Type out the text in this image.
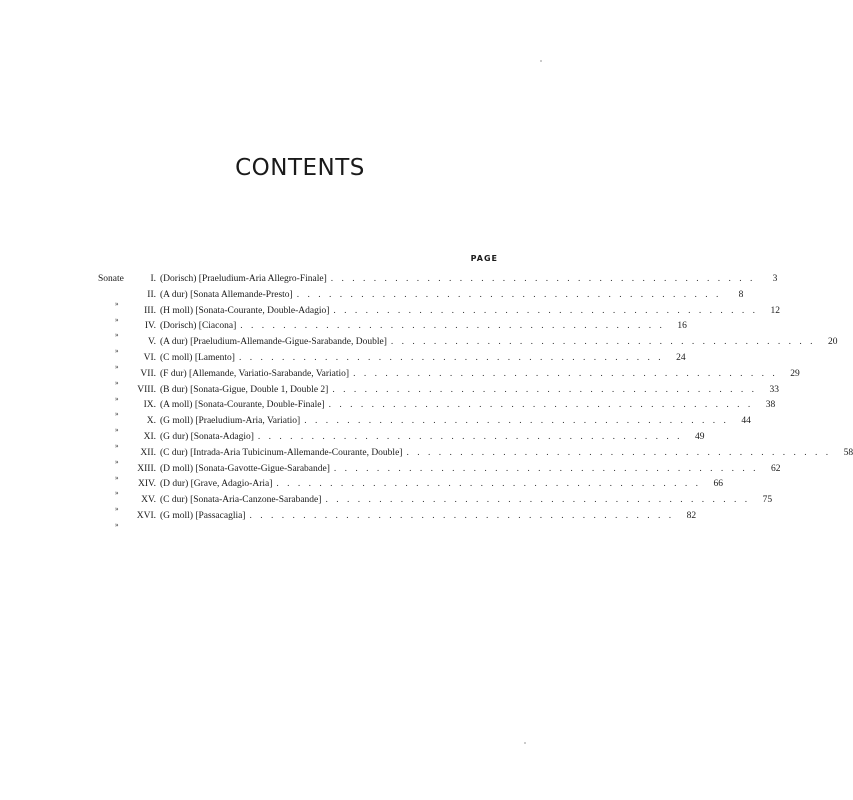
CONTENTS
PAGE
Sonate	I. (Dorisch) [Praeludium-Aria Allegro-Finale] . . . . . . . . . . . . . . . . . . . . . . . . . . . . . . . . . . . . . . . .	3
»
II. (A dur) [Sonata Allemande-Presto] . . . . . . . . . . . . . . . . . . . . . . . . . . . . . . . . . . . . . . . .	8
»
III. (H moll) [Sonata-Courante, Double-Adagio] . . . . . . . . . . . . . . . . . . . . . . . . . . . . . . . . . . . . . . . .	12
»
IV. (Dorisch) [Ciacona] . . . . . . . . . . . . . . . . . . . . . . . . . . . . . . . . . . . . . . . .	16
»
V. (A dur) [Praeludium-Allemande-Gigue-Sarabande, Double] . . . . . . . . . . . . . . . . . . . . . . . . . . . . . . . . . . . . . . . .	20
»
VI. (C moll) [Lamento] . . . . . . . . . . . . . . . . . . . . . . . . . . . . . . . . . . . . . . . .	24
»
VII. (F dur) [Allemande, Variatio-Sarabande, Variatio] . . . . . . . . . . . . . . . . . . . . . . . . . . . . . . . . . . . . . . . .	29
»
VIII. (B dur) [Sonata-Gigue, Double 1, Double 2] . . . . . . . . . . . . . . . . . . . . . . . . . . . . . . . . . . . . . . . .	33
»
IX. (A moll) [Sonata-Courante, Double-Finale] . . . . . . . . . . . . . . . . . . . . . . . . . . . . . . . . . . . . . . . .	38
»
X. (G moll) [Praeludium-Aria, Variatio] . . . . . . . . . . . . . . . . . . . . . . . . . . . . . . . . . . . . . . . .	44
»
XI. (G dur) [Sonata-Adagio] . . . . . . . . . . . . . . . . . . . . . . . . . . . . . . . . . . . . . . . .	49
»
XII. (C dur) [Intrada-Aria Tubicinum-Allemande-Courante, Double] . . . . . . . . . . . . . . . . . . . . . . . . . . . . . . . . . . . . . . . .	58
»
XIII. (D moll) [Sonata-Gavotte-Gigue-Sarabande] . . . . . . . . . . . . . . . . . . . . . . . . . . . . . . . . . . . . . . . .	62
»
XIV. (D dur) [Grave, Adagio-Aria] . . . . . . . . . . . . . . . . . . . . . . . . . . . . . . . . . . . . . . . .	66
»
XV. (C dur) [Sonata-Aria-Canzone-Sarabande] . . . . . . . . . . . . . . . . . . . . . . . . . . . . . . . . . . . . . . . .	75
»
XVI. (G moll) [Passacaglia] . . . . . . . . . . . . . . . . . . . . . . . . . . . . . . . . . . . . . . . .	82
